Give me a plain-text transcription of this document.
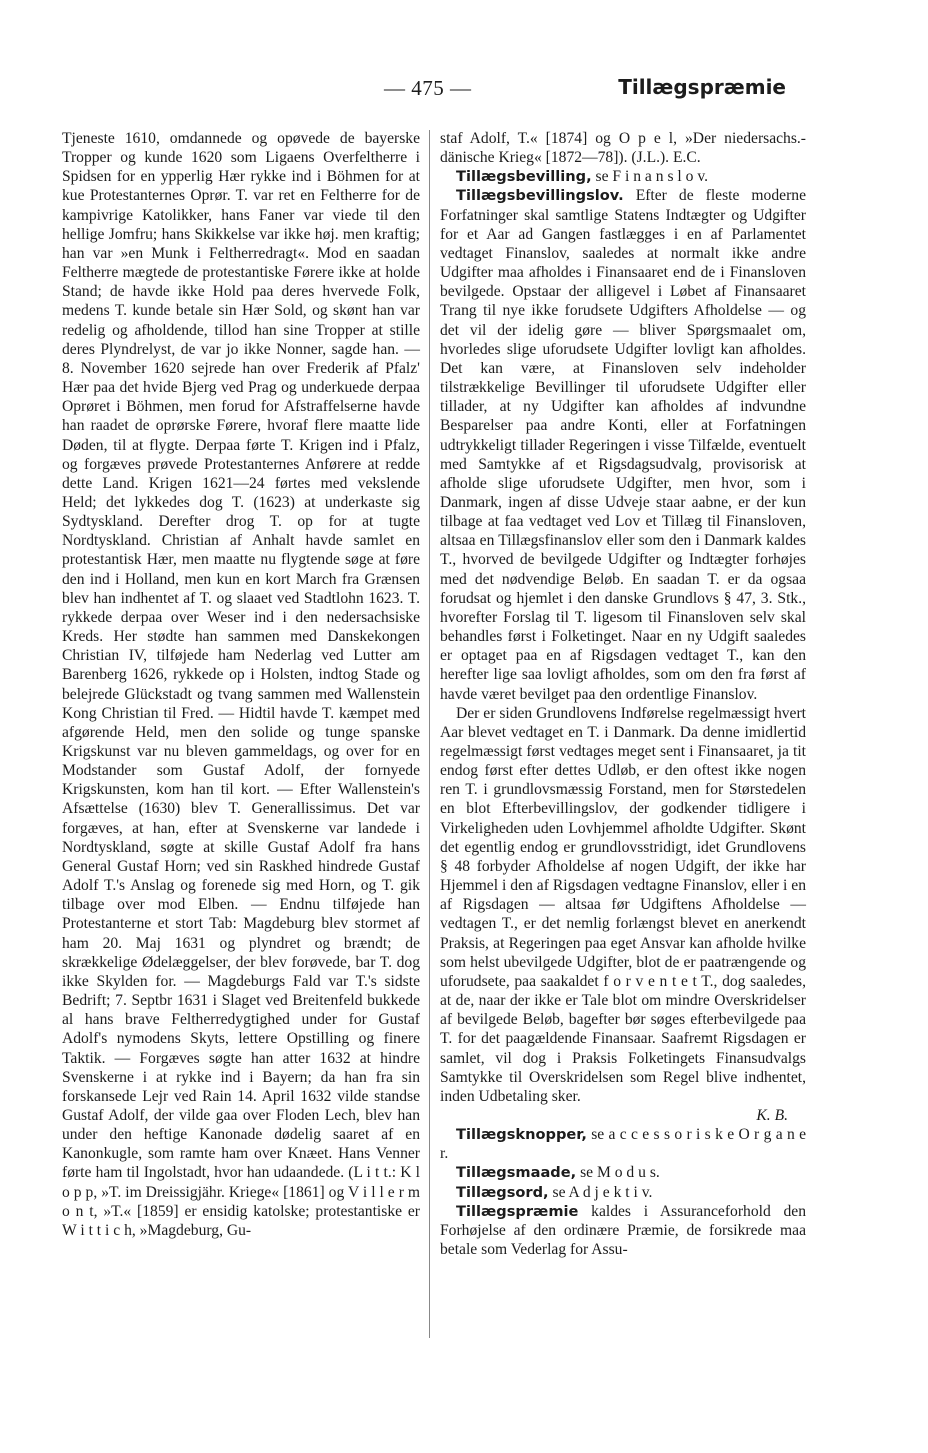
— 475 —	Tillægspræmie

Tjeneste 1610, omdannede og opøvede de bayerske Tropper og kunde 1620 som Ligaens Overfeltherre i Spidsen for en ypperlig Hær rykke ind i Böhmen for at kue Protestanternes Oprør. T. var ret en Feltherre for de kampivrige Katolikker, hans Faner var viede til den hellige Jomfru; hans Skikkelse var ikke høj. men kraftig; han var »en Munk i Feltherredragt«. Mod en saadan Feltherre mægtede de protestantiske Førere ikke at holde Stand; de havde ikke Hold paa deres hvervede Folk, medens T. kunde betale sin Hær Sold, og skønt han var redelig og afholdende, tillod han sine Tropper at stille deres Plyndrelyst, de var jo ikke Nonner, sagde han. — 8. November 1620 sejrede han over Frederik af Pfalz' Hær paa det hvide Bjerg ved Prag og underkuede derpaa Oprøret i Böhmen, men forud for Afstraffelserne havde han raadet de oprørske Førere, hvoraf flere maatte lide Døden, til at flygte. Derpaa førte T. Krigen ind i Pfalz, og forgæves prøvede Protestanternes Anførere at redde dette Land. Krigen 1621—24 førtes med vekslende Held; det lykkedes dog T. (1623) at underkaste sig Sydtyskland. Derefter drog T. op for at tugte Nordtyskland. Christian af Anhalt havde samlet en protestantisk Hær, men maatte nu flygtende søge at føre den ind i Holland, men kun en kort March fra Grænsen blev han indhentet af T. og slaaet ved Stadtlohn 1623. T. rykkede derpaa over Weser ind i den nedersachsiske Kreds. Her stødte han sammen med Danskekongen Christian IV, tilføjede ham Nederlag ved Lutter am Barenberg 1626, rykkede op i Holsten, indtog Stade og belejrede Glückstadt og tvang sammen med Wallenstein Kong Christian til Fred. — Hidtil havde T. kæmpet med afgørende Held, men den solide og tunge spanske Krigskunst var nu bleven gammeldags, og over for en Modstander som Gustaf Adolf, der fornyede Krigskunsten, kom han til kort. — Efter Wallenstein's Afsættelse (1630) blev T. Generallissimus. Det var forgæves, at han, efter at Svenskerne var landede i Nordtyskland, søgte at skille Gustaf Adolf fra hans General Gustaf Horn; ved sin Raskhed hindrede Gustaf Adolf T.'s Anslag og forenede sig med Horn, og T. gik tilbage over mod Elben. — Endnu tilføjede han Protestanterne et stort Tab: Magdeburg blev stormet af ham 20. Maj 1631 og plyndret og brændt; de skrækkelige Ødelæggelser, der blev forøvede, bar T. dog ikke Skylden for. — Magdeburgs Fald var T.'s sidste Bedrift; 7. Septbr 1631 i Slaget ved Breitenfeld bukkede al hans brave Feltherredygtighed under for Gustaf Adolf's nymodens Skyts, lettere Opstilling og finere Taktik. — Forgæves søgte han atter 1632 at hindre Svenskerne i at rykke ind i Bayern; da han fra sin forskansede Lejr ved Rain 14. April 1632 vilde standse Gustaf Adolf, der vilde gaa over Floden Lech, blev han under den heftige Kanonade dødelig saaret af en Kanonkugle, som ramte ham over Knæet. Hans Venner førte ham til Ingolstadt, hvor han udaandede. (L i t t.: K l o p p, »T. im Dreissigjähr. Kriege« [1861] og V i l l e r m o n t, »T.« [1859] er ensidig katolske; protestantiske er W i t t i c h, »Magdeburg, Gu-

staf Adolf, T.« [1874] og O p e l, »Der niedersachs.-dänische Krieg« [1872—78]). (J.L.). E.C.

Tillægsbevilling, se F i n a n s l o v.

Tillægsbevillingslov. Efter de fleste moderne Forfatninger skal samtlige Statens Indtægter og Udgifter for et Aar ad Gangen fastlægges i en af Parlamentet vedtaget Finanslov, saaledes at normalt ikke andre Udgifter maa afholdes i Finansaaret end de i Finansloven bevilgede. Opstaar der alligevel i Løbet af Finansaaret Trang til nye ikke forudsete Udgifters Afholdelse — og det vil der idelig gøre — bliver Spørgsmaalet om, hvorledes slige uforudsete Udgifter lovligt kan afholdes. Det kan være, at Finansloven selv indeholder tilstrækkelige Bevillinger til uforudsete Udgifter eller tillader, at ny Udgifter kan afholdes af indvundne Besparelser paa andre Konti, eller at Forfatningen udtrykkeligt tillader Regeringen i visse Tilfælde, eventuelt med Samtykke af et Rigsdagsudvalg, provisorisk at afholde slige uforudsete Udgifter, men hvor, som i Danmark, ingen af disse Udveje staar aabne, er der kun tilbage at faa vedtaget ved Lov et Tillæg til Finansloven, altsaa en Tillægsfinanslov eller som den i Danmark kaldes T., hvorved de bevilgede Udgifter og Indtægter forhøjes med det nødvendige Beløb. En saadan T. er da ogsaa forudsat og hjemlet i den danske Grundlovs § 47, 3. Stk., hvorefter Forslag til T. ligesom til Finansloven selv skal behandles først i Folketinget. Naar en ny Udgift saaledes er optaget paa en af Rigsdagen vedtaget T., kan den herefter lige saa lovligt afholdes, som om den fra først af havde været bevilget paa den ordentlige Finanslov.

Der er siden Grundlovens Indførelse regelmæssigt hvert Aar blevet vedtaget en T. i Danmark. Da denne imidlertid regelmæssigt først vedtages meget sent i Finansaaret, ja tit endog først efter dettes Udløb, er den oftest ikke nogen ren T. i grundlovsmæssig Forstand, men for Størstedelen en blot Efterbevillingslov, der godkender tidligere i Virkeligheden uden Lovhjemmel afholdte Udgifter. Skønt det egentlig endog er grundlovsstridigt, idet Grundlovens § 48 forbyder Afholdelse af nogen Udgift, der ikke har Hjemmel i den af Rigsdagen vedtagne Finanslov, eller i en af Rigsdagen — altsaa før Udgiftens Afholdelse — vedtagen T., er det nemlig forlængst blevet en anerkendt Praksis, at Regeringen paa eget Ansvar kan afholde hvilke som helst ubevilgede Udgifter, blot de er paatrængende og uforudsete, paa saakaldet f o r v e n t e t T., dog saaledes, at de, naar der ikke er Tale blot om mindre Overskridelser af bevilgede Beløb, bagefter bør søges efterbevilgede paa T. for det paagældende Finansaar. Saafremt Rigsdagen er samlet, vil dog i Praksis Folketingets Finansudvalgs Samtykke til Overskridelsen som Regel blive indhentet, inden Udbetaling sker.

K. B.

Tillægsknopper, se a c c e s s o r i s k e O r g a n e r.

Tillægsmaade, se M o d u s.

Tillægsord, se A d j e k t i v.

Tillægspræmie kaldes i Assuranceforhold den Forhøjelse af den ordinære Præmie, de forsikrede maa betale som Vederlag for Assu-
